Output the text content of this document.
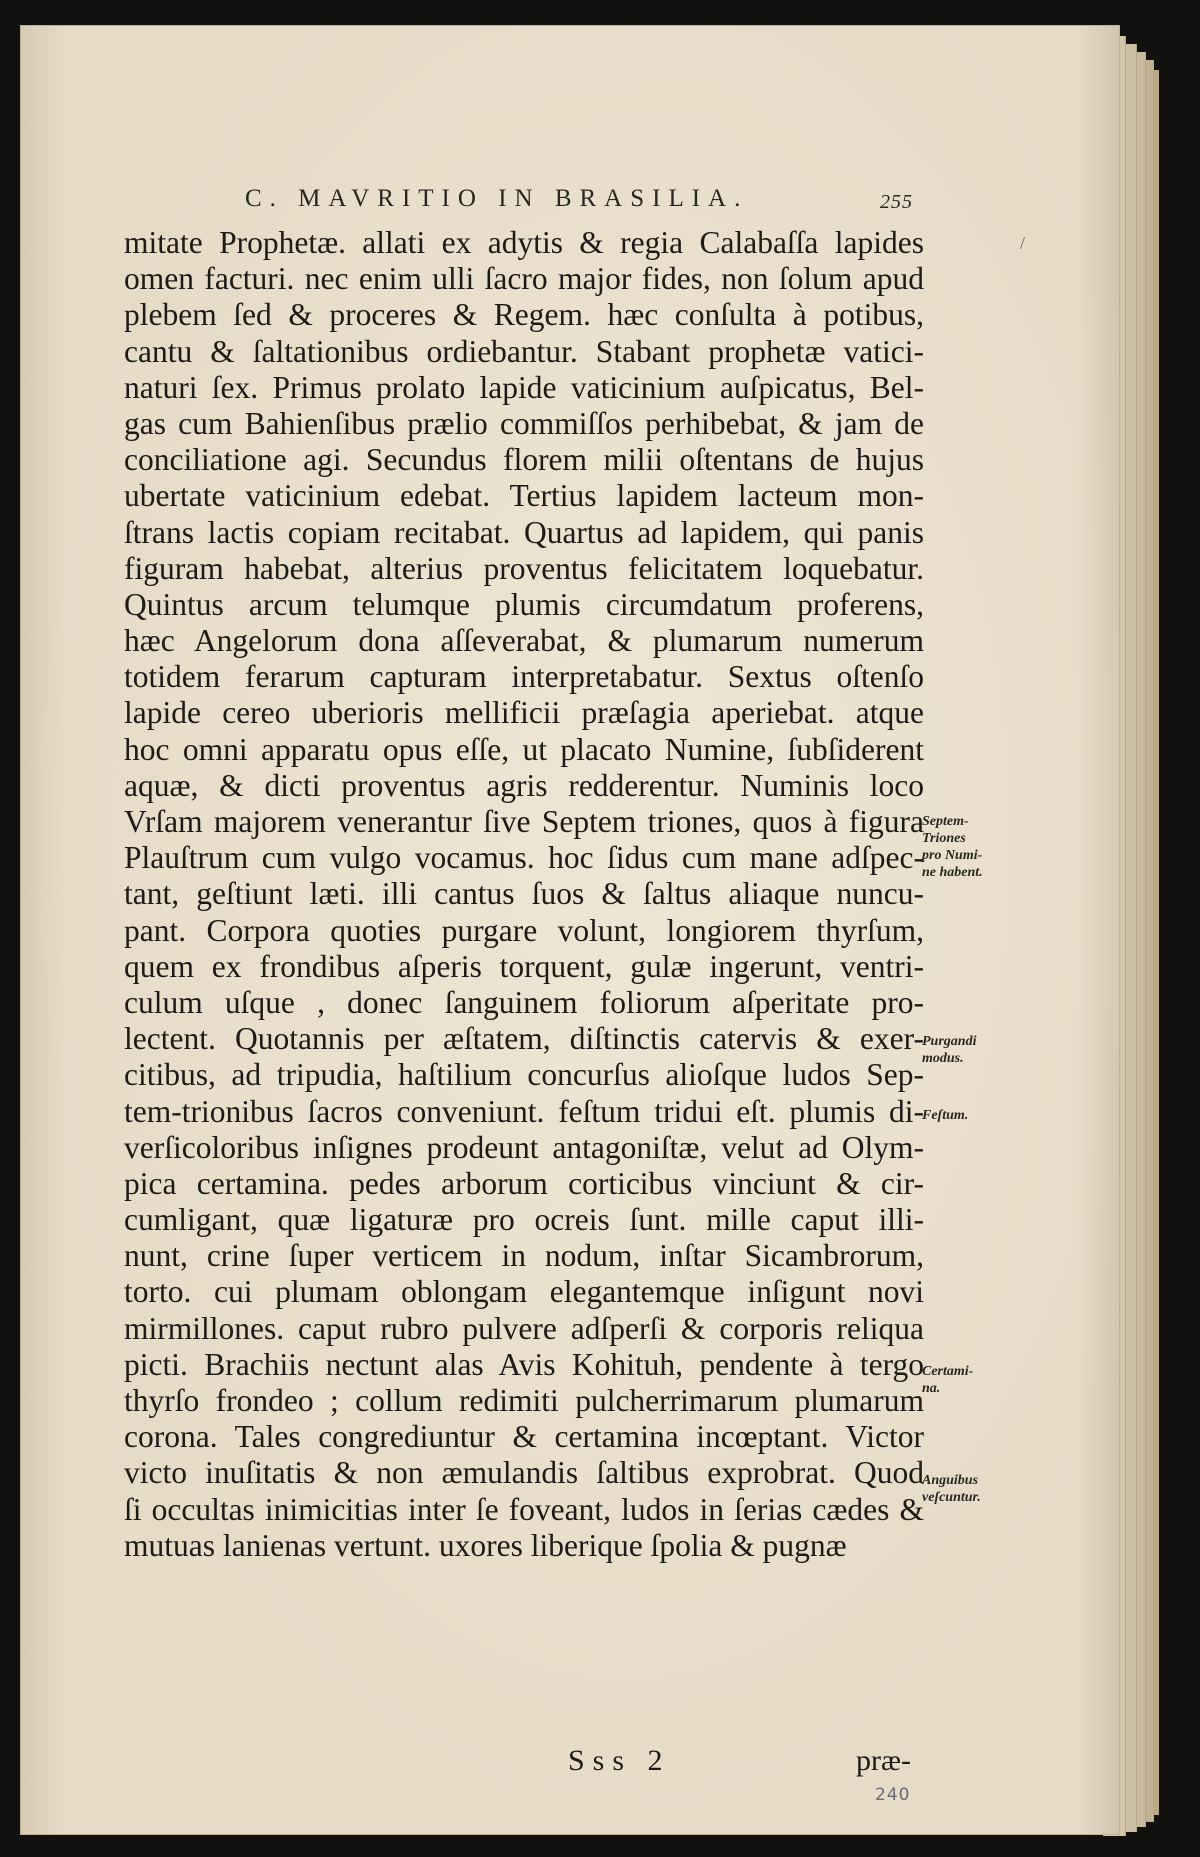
C. MAVRITIO IN BRASILIA.	255
mitate Prophetæ. allati ex adytis & regia Calabaſſa lapides
omen facturi. nec enim ulli ſacro major fides, non ſolum apud
plebem ſed & proceres & Regem. hæc conſulta à potibus,
cantu & ſaltationibus ordiebantur. Stabant prophetæ vatici-
naturi ſex. Primus prolato lapide vaticinium auſpicatus, Bel-
gas cum Bahienſibus prælio commiſſos perhibebat, & jam de
conciliatione agi. Secundus florem milii oſtentans de hujus
ubertate vaticinium edebat. Tertius lapidem lacteum mon-
ſtrans lactis copiam recitabat. Quartus ad lapidem, qui panis
figuram habebat, alterius proventus felicitatem loquebatur.
Quintus arcum telumque plumis circumdatum proferens,
hæc Angelorum dona aſſeverabat, & plumarum numerum
totidem ferarum capturam interpretabatur. Sextus oſtenſo
lapide cereo uberioris mellificii præſagia aperiebat. atque
hoc omni apparatu opus eſſe, ut placato Numine, ſubſiderent
aquæ, & dicti proventus agris redderentur. Numinis loco
Vrſam majorem venerantur ſive Septem triones, quos à figura
Plauſtrum cum vulgo vocamus. hoc ſidus cum mane adſpec-
tant, geſtiunt læti. illi cantus ſuos & ſaltus aliaque nuncu-
pant. Corpora quoties purgare volunt, longiorem thyrſum,
quem ex frondibus aſperis torquent, gulæ ingerunt, ventri-
culum uſque , donec ſanguinem foliorum aſperitate pro-
lectent. Quotannis per æſtatem, diſtinctis catervis & exer-
citibus, ad tripudia, haſtilium concurſus alioſque ludos Sep-
tem-trionibus ſacros conveniunt. feſtum tridui eſt. plumis di-
verſicoloribus inſignes prodeunt antagoniſtæ, velut ad Olym-
pica certamina. pedes arborum corticibus vinciunt & cir-
cumligant, quæ ligaturæ pro ocreis ſunt. mille caput illi-
nunt, crine ſuper verticem in nodum, inſtar Sicambrorum,
torto. cui plumam oblongam elegantemque inſigunt novi
mirmillones. caput rubro pulvere adſperſi & corporis reliqua
picti. Brachiis nectunt alas Avis Kohituh, pendente à tergo
thyrſo frondeo ; collum redimiti pulcherrimarum plumarum
corona. Tales congrediuntur & certamina incœptant. Victor
victo inuſitatis & non æmulandis ſaltibus exprobrat. Quod
ſi occultas inimicitias inter ſe foveant, ludos in ſerias cædes &
mutuas lanienas vertunt. uxores liberique ſpolia & pugnæ
Septem-
Triones
pro Numi-
ne habent.
Purgandi
modus.
Feſtum.
Certami-
na.
Anguibus
veſcuntur.
Sss 2	præ-
240
/
